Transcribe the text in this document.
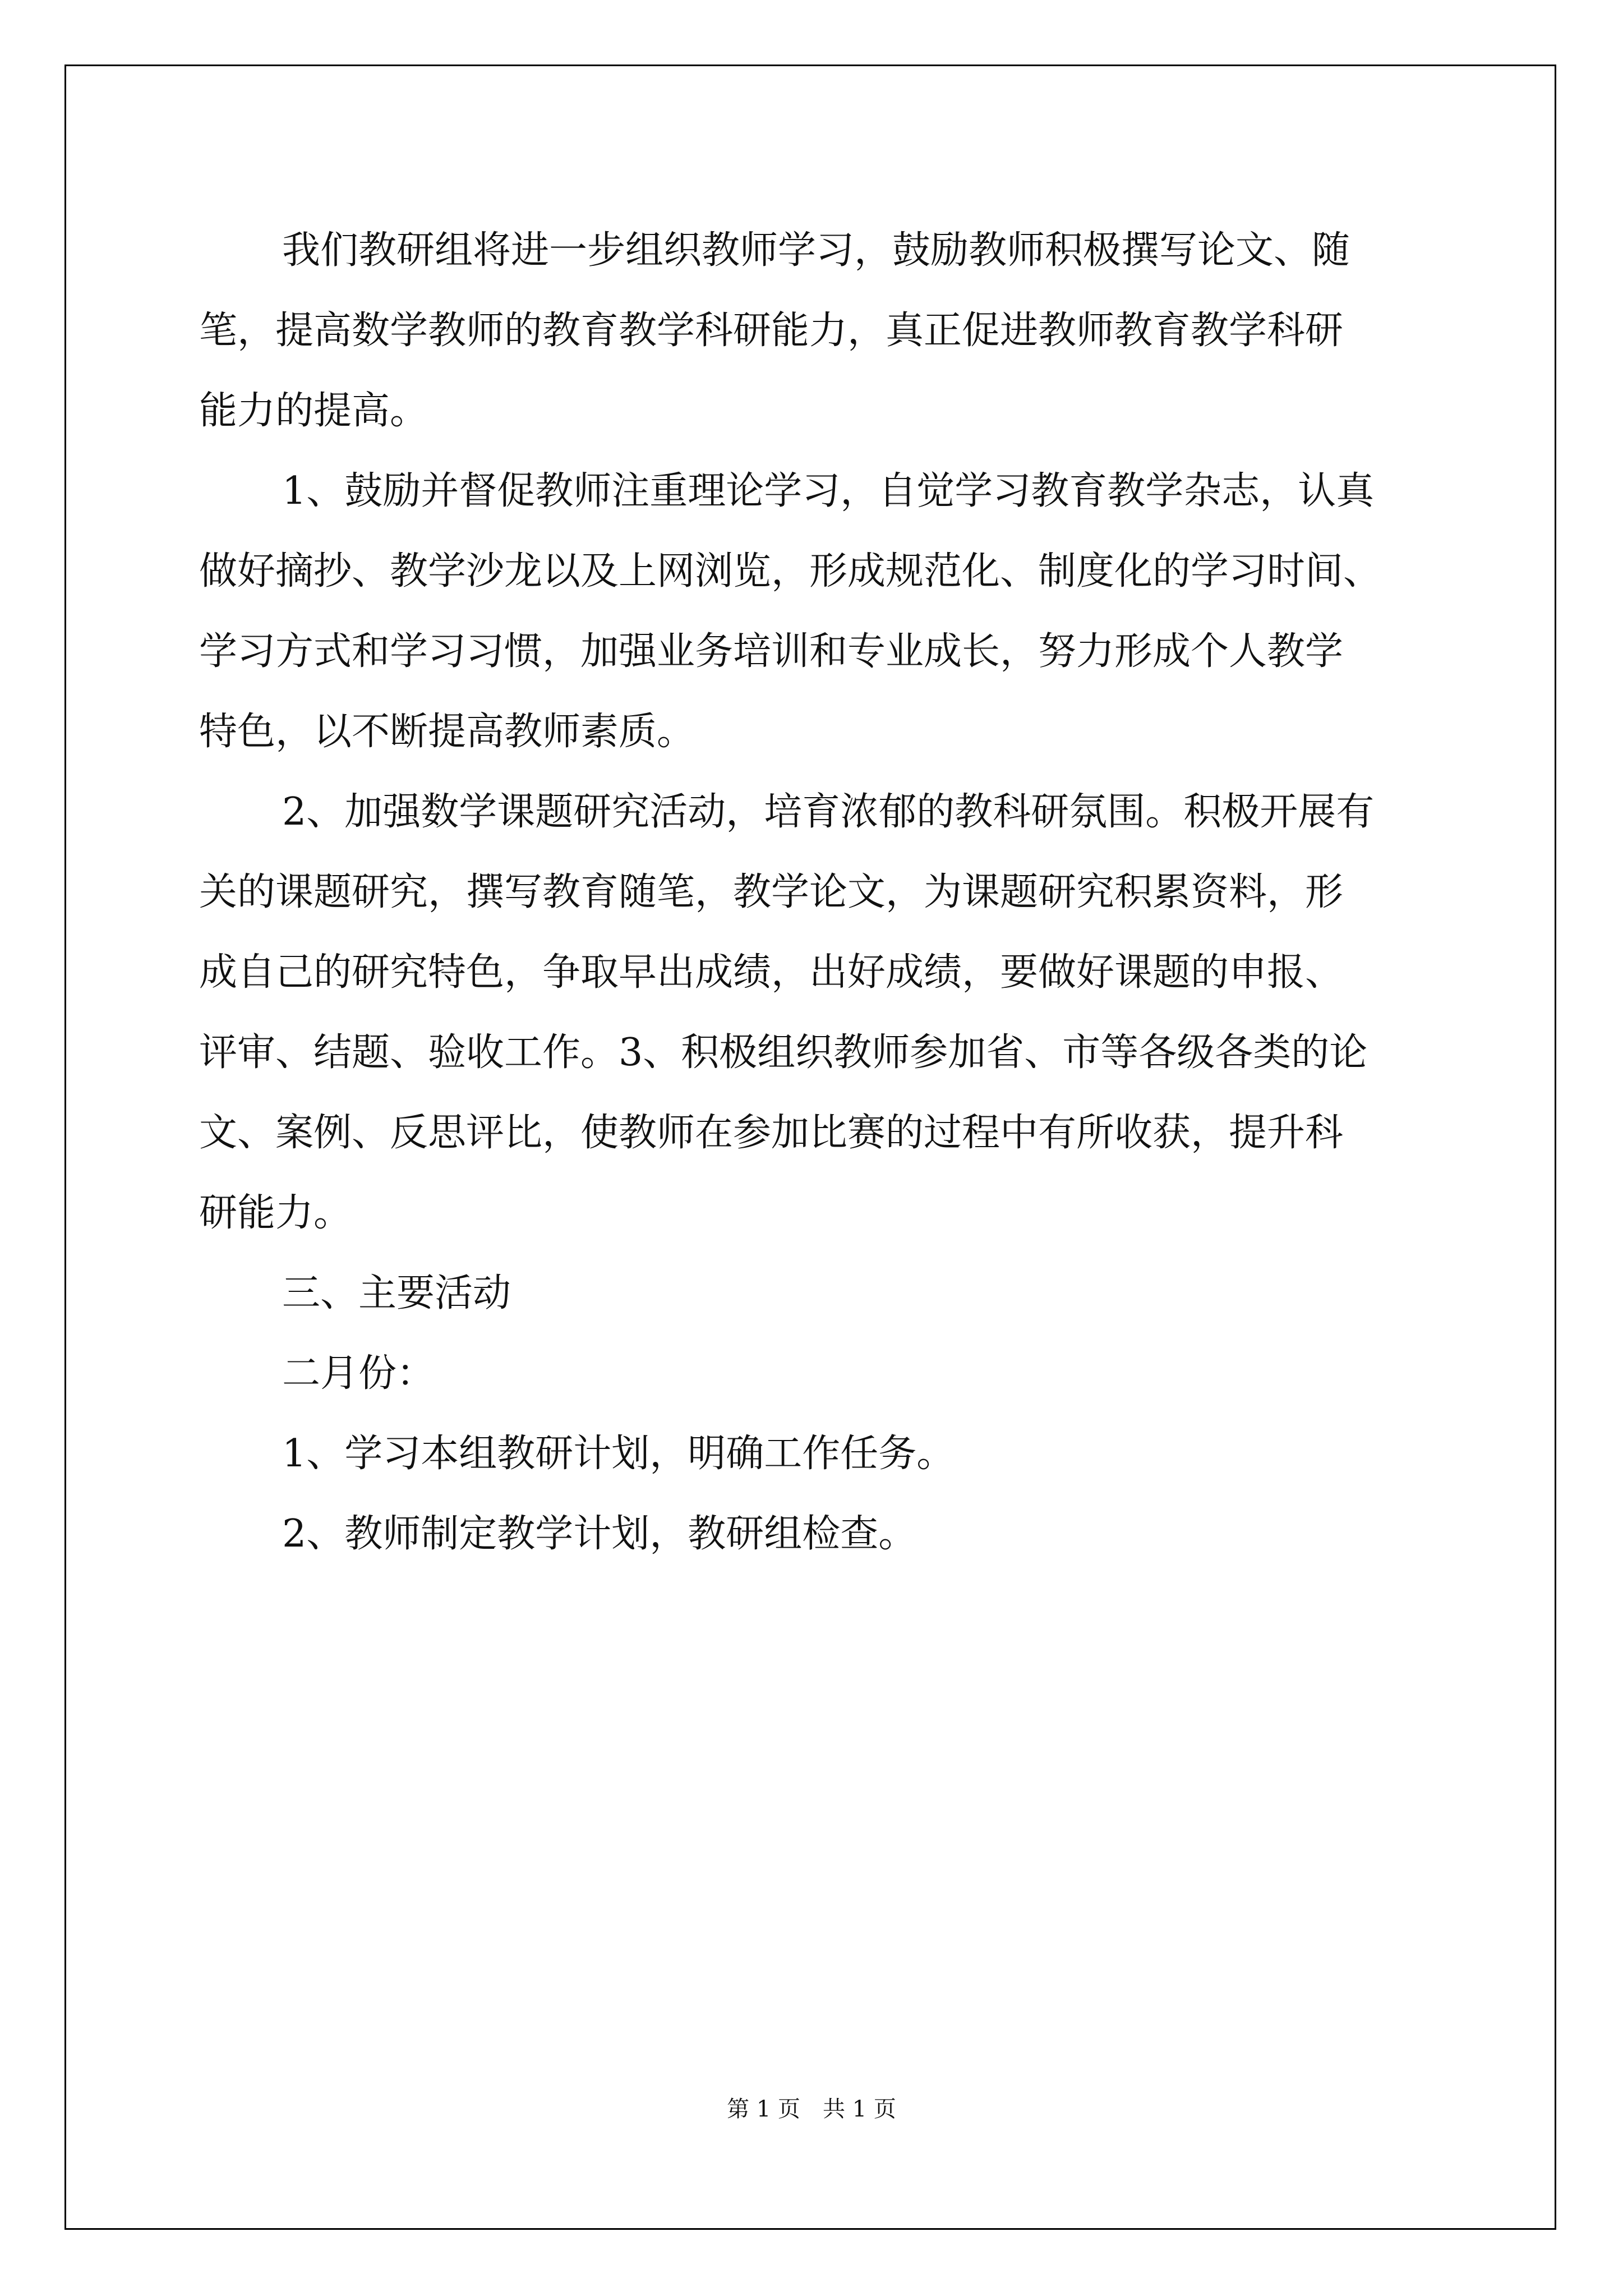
我们教研组将进一步组织教师学习，鼓励教师积极撰写论文、随
笔，提高数学教师的教育教学科研能力，真正促进教师教育教学科研
能力的提高。

1、鼓励并督促教师注重理论学习，自觉学习教育教学杂志，认真
做好摘抄、教学沙龙以及上网浏览，形成规范化、制度化的学习时间、
学习方式和学习习惯，加强业务培训和专业成长，努力形成个人教学
特色，以不断提高教师素质。

2、加强数学课题研究活动，培育浓郁的教科研氛围。积极开展有
关的课题研究，撰写教育随笔，教学论文，为课题研究积累资料，形
成自己的研究特色，争取早出成绩，出好成绩，要做好课题的申报、
评审、结题、验收工作。3、积极组织教师参加省、市等各级各类的论
文、案例、反思评比，使教师在参加比赛的过程中有所收获，提升科
研能力。

三、主要活动

二月份：

1、学习本组教研计划，明确工作任务。

2、教师制定教学计划，教研组检查。

第 1 页　共 1 页
